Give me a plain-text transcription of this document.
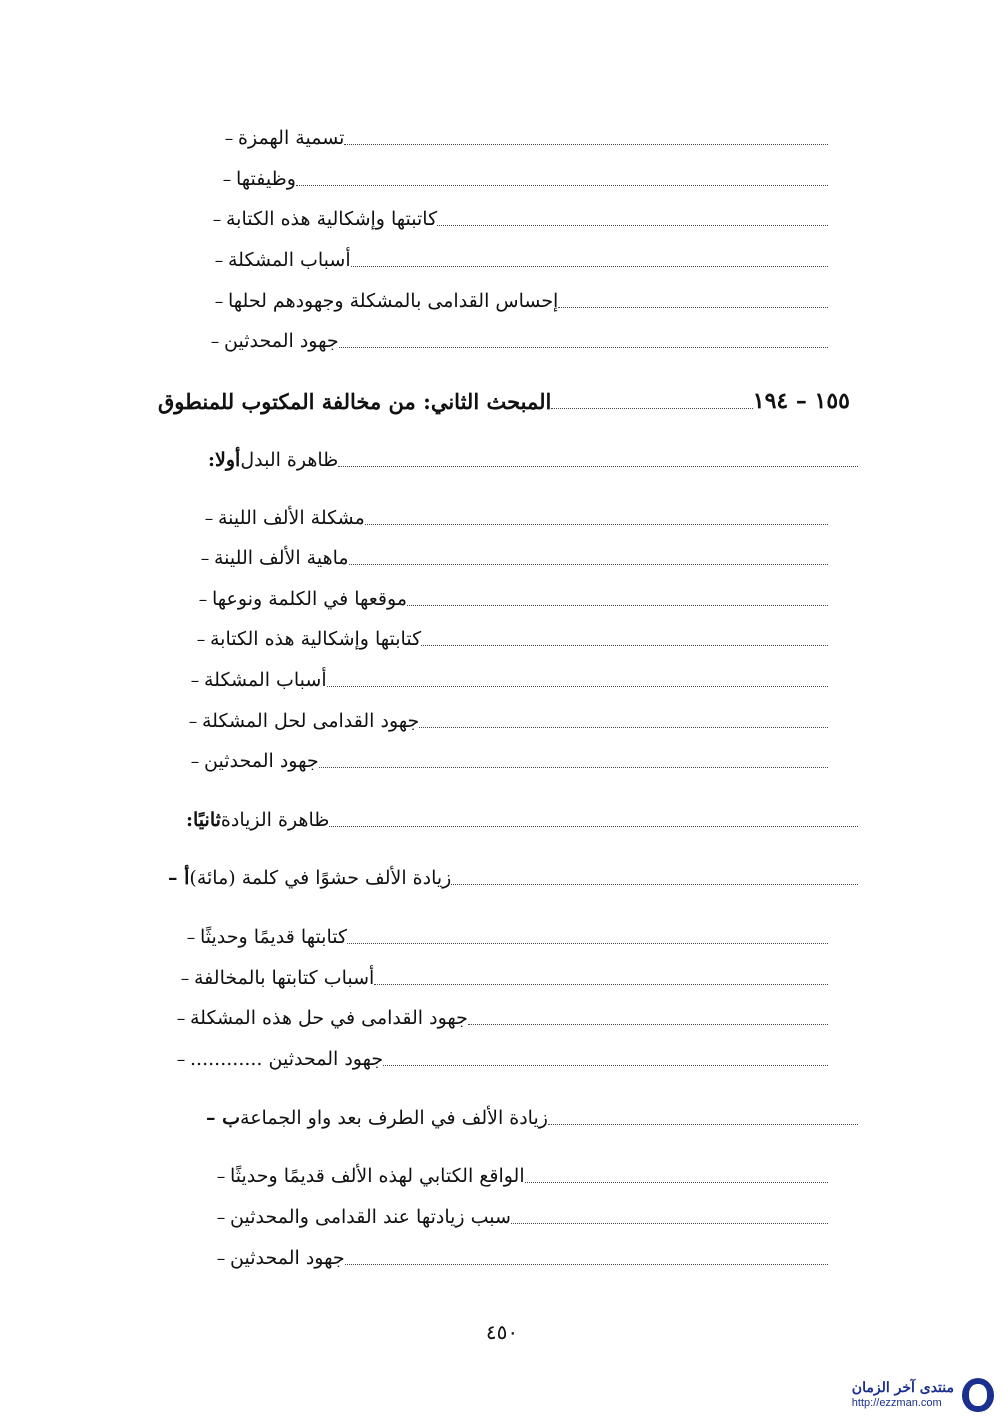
– تسمية الهمزة
– وظيفتها
– كاتبتها وإشكالية هذه الكتابة
– أسباب المشكلة
– إحساس القدامى بالمشكلة وجهودهم لحلها
– جهود المحدثين
المبحث الثاني: من مخالفة المكتوب للمنطوق	١٥٥ – ١٩٤
أولا: ظاهرة البدل
– مشكلة الألف اللينة
– ماهية الألف اللينة
– موقعها في الكلمة ونوعها
– كتابتها وإشكالية هذه الكتابة
– أسباب المشكلة
– جهود القدامى لحل المشكلة
– جهود المحدثين
ثانيًا: ظاهرة الزيادة
أ – زيادة الألف حشوًا في كلمة (مائة)
– كتابتها قديمًا وحديثًا
– أسباب كتابتها بالمخالفة
– جهود القدامى في حل هذه المشكلة
– جهود المحدثين ............
ب – زيادة الألف في الطرف بعد واو الجماعة
– الواقع الكتابي لهذه الألف قديمًا وحديثًا
– سبب زيادتها عند القدامى والمحدثين
– جهود المحدثين
٤٥٠
منتدى آخر الزمان
http://ezzman.com
